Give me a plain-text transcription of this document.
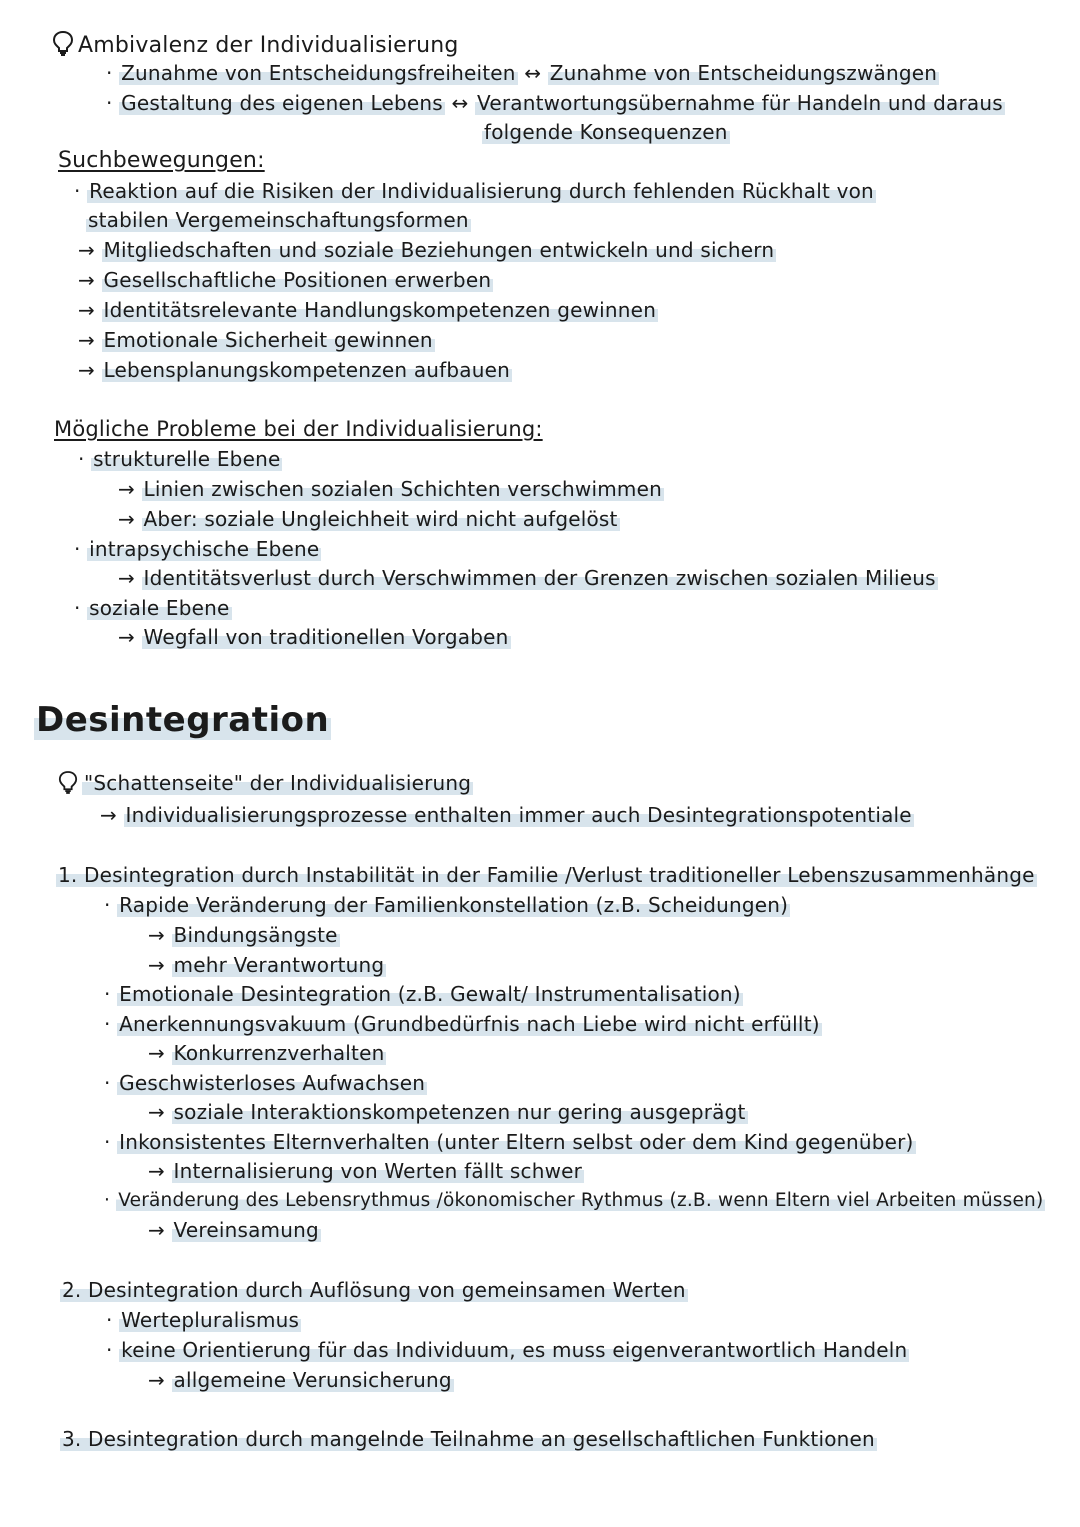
Ambivalenz der Individualisierung
· Zunahme von Entscheidungsfreiheiten ↔ Zunahme von Entscheidungszwängen
· Gestaltung des eigenen Lebens ↔ Verantwortungsübernahme für Handeln und daraus
folgende Konsequenzen
Suchbewegungen:
· Reaktion auf die Risiken der Individualisierung durch fehlenden Rückhalt von
stabilen Vergemeinschaftungsformen
→ Mitgliedschaften und soziale Beziehungen entwickeln und sichern
→ Gesellschaftliche Positionen erwerben
→ Identitätsrelevante Handlungskompetenzen gewinnen
→ Emotionale Sicherheit gewinnen
→ Lebensplanungskompetenzen aufbauen
Mögliche Probleme bei der Individualisierung:
· strukturelle Ebene
→ Linien zwischen sozialen Schichten verschwimmen
→ Aber: soziale Ungleichheit wird nicht aufgelöst
· intrapsychische Ebene
→ Identitätsverlust durch Verschwimmen der Grenzen zwischen sozialen Milieus
· soziale Ebene
→ Wegfall von traditionellen Vorgaben
Desintegration
"Schattenseite" der Individualisierung
→ Individualisierungsprozesse enthalten immer auch Desintegrationspotentiale
1. Desintegration durch Instabilität in der Familie /Verlust traditioneller Lebenszusammenhänge
· Rapide Veränderung der Familienkonstellation (z.B. Scheidungen)
→ Bindungsängste
→ mehr Verantwortung
· Emotionale Desintegration (z.B. Gewalt/ Instrumentalisation)
· Anerkennungsvakuum (Grundbedürfnis nach Liebe wird nicht erfüllt)
→ Konkurrenzverhalten
· Geschwisterloses Aufwachsen
→ soziale Interaktionskompetenzen nur gering ausgeprägt
· Inkonsistentes Elternverhalten (unter Eltern selbst oder dem Kind gegenüber)
→ Internalisierung von Werten fällt schwer
· Veränderung des Lebensrythmus /ökonomischer Rythmus (z.B. wenn Eltern viel Arbeiten müssen)
→ Vereinsamung
2. Desintegration durch Auflösung von gemeinsamen Werten
· Wertepluralismus
· keine Orientierung für das Individuum, es muss eigenverantwortlich Handeln
→ allgemeine Verunsicherung
3. Desintegration durch mangelnde Teilnahme an gesellschaftlichen Funktionen
